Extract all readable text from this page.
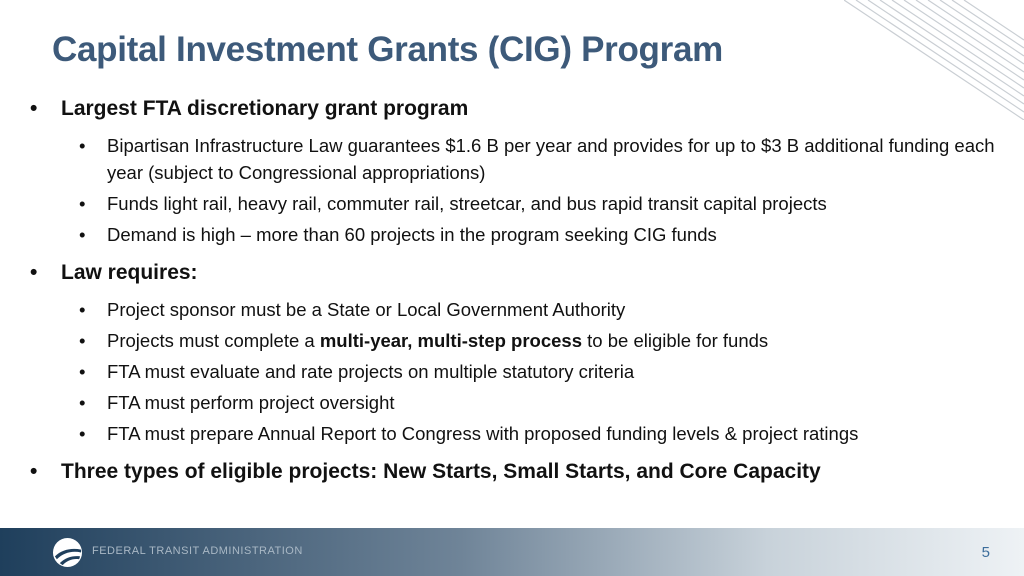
Capital Investment Grants (CIG) Program
• Largest FTA discretionary grant program
• Bipartisan Infrastructure Law guarantees $1.6 B per year and provides for up to $3 B additional funding each year (subject to Congressional appropriations)
• Funds light rail, heavy rail, commuter rail, streetcar, and bus rapid transit capital projects
• Demand is high – more than 60 projects in the program seeking CIG funds
• Law requires:
• Project sponsor must be a State or Local Government Authority
• Projects must complete a multi-year, multi-step process to be eligible for funds
• FTA must evaluate and rate projects on multiple statutory criteria
• FTA must perform project oversight
• FTA must prepare Annual Report to Congress with proposed funding levels & project ratings
• Three types of eligible projects: New Starts, Small Starts, and Core Capacity
FEDERAL TRANSIT ADMINISTRATION	5
